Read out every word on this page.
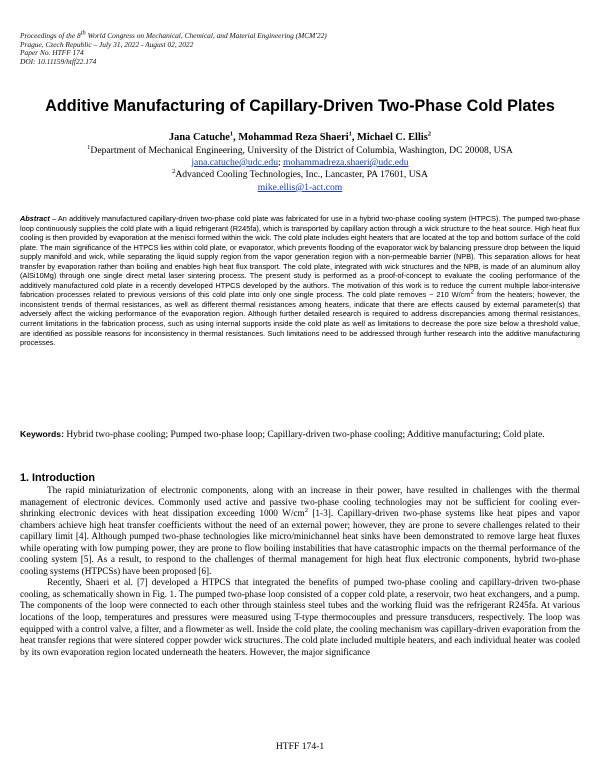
Proceedings of the 8th World Congress on Mechanical, Chemical, and Material Engineering (MCM'22)
Prague, Czech Republic – July 31, 2022 - August 02, 2022
Paper No. HTFF 174
DOI: 10.11159/htff22.174
Additive Manufacturing of Capillary-Driven Two-Phase Cold Plates
Jana Catuche$^1$, Mohammad Reza Shaeri$^1$, Michael C. Ellis$^2$
$^1$Department of Mechanical Engineering, University of the District of Columbia, Washington, DC 20008, USA
jana.catuche@udc.edu; mohammadreza.shaeri@udc.edu
$^2$Advanced Cooling Technologies, Inc., Lancaster, PA 17601, USA
mike.ellis@1-act.com
Abstract – An additively manufactured capillary-driven two-phase cold plate was fabricated for use in a hybrid two-phase cooling system (HTPCS). The pumped two-phase loop continuously supplies the cold plate with a liquid refrigerant (R245fa), which is transported by capillary action through a wick structure to the heat source. High heat flux cooling is then provided by evaporation at the menisci formed within the wick. The cold plate includes eight heaters that are located at the top and bottom surface of the cold plate. The main significance of the HTPCS lies within cold plate, or evaporator, which prevents flooding of the evaporator wick by balancing pressure drop between the liquid supply manifold and wick, while separating the liquid supply region from the vapor generation region with a non-permeable barrier (NPB). This separation allows for heat transfer by evaporation rather than boiling and enables high heat flux transport. The cold plate, integrated with wick structures and the NPB, is made of an aluminum alloy (AlSi10Mg) through one single direct metal laser sintering process. The present study is performed as a proof-of-concept to evaluate the cooling performance of the additively manufactured cold plate in a recently developed HTPCS developed by the authors. The motivation of this work is to reduce the current multiple labor-intensive fabrication processes related to previous versions of this cold plate into only one single process. The cold plate removes ~ 210 W/cm2 from the heaters; however, the inconsistent trends of thermal resistances, as well as different thermal resistances among heaters, indicate that there are effects caused by external parameter(s) that adversely affect the wicking performance of the evaporation region. Although further detailed research is required to address discrepancies among thermal resistances, current limitations in the fabrication process, such as using internal supports inside the cold plate as well as limitations to decrease the pore size below a threshold value, are identified as possible reasons for inconsistency in thermal resistances. Such limitations need to be addressed through further research into the additive manufacturing processes.
Keywords: Hybrid two-phase cooling; Pumped two-phase loop; Capillary-driven two-phase cooling; Additive manufacturing; Cold plate.
1. Introduction

The rapid miniaturization of electronic components, along with an increase in their power, have resulted in challenges with the thermal management of electronic devices. Commonly used active and passive two-phase cooling technologies may not be sufficient for cooling ever-shrinking electronic devices with heat dissipation exceeding 1000 $W/cm^2$ [1-3]. Capillary-driven two-phase systems like heat pipes and vapor chambers achieve high heat transfer coefficients without the need of an external power; however, they are prone to severe challenges related to their capillary limit [4]. Although pumped two-phase technologies like micro/minichannel heat sinks have been demonstrated to remove large heat fluxes while operating with low pumping power, they are prone to flow boiling instabilities that have catastrophic impacts on the thermal performance of the cooling system [5]. As a result, to respond to the challenges of thermal management for high heat flux electronic components, hybrid two-phase cooling systems (HTPCSs) have been proposed [6].

Recently, Shaeri et al. [7] developed a HTPCS that integrated the benefits of pumped two-phase cooling and capillary-driven two-phase cooling, as schematically shown in Fig. 1. The pumped two-phase loop consisted of a copper cold plate, a reservoir, two heat exchangers, and a pump. The components of the loop were connected to each other through stainless steel tubes and the working fluid was the refrigerant R245fa. At various locations of the loop, temperatures and pressures were measured using T-type thermocouples and pressure transducers, respectively. The loop was equipped with a control valve, a filter, and a flowmeter as well. Inside the cold plate, the cooling mechanism was capillary-driven evaporation from the heat transfer regions that were sintered copper powder wick structures. The cold plate included multiple heaters, and each individual heater was cooled by its own evaporation region located underneath the heaters. However, the major significance

HTFF 174-1
